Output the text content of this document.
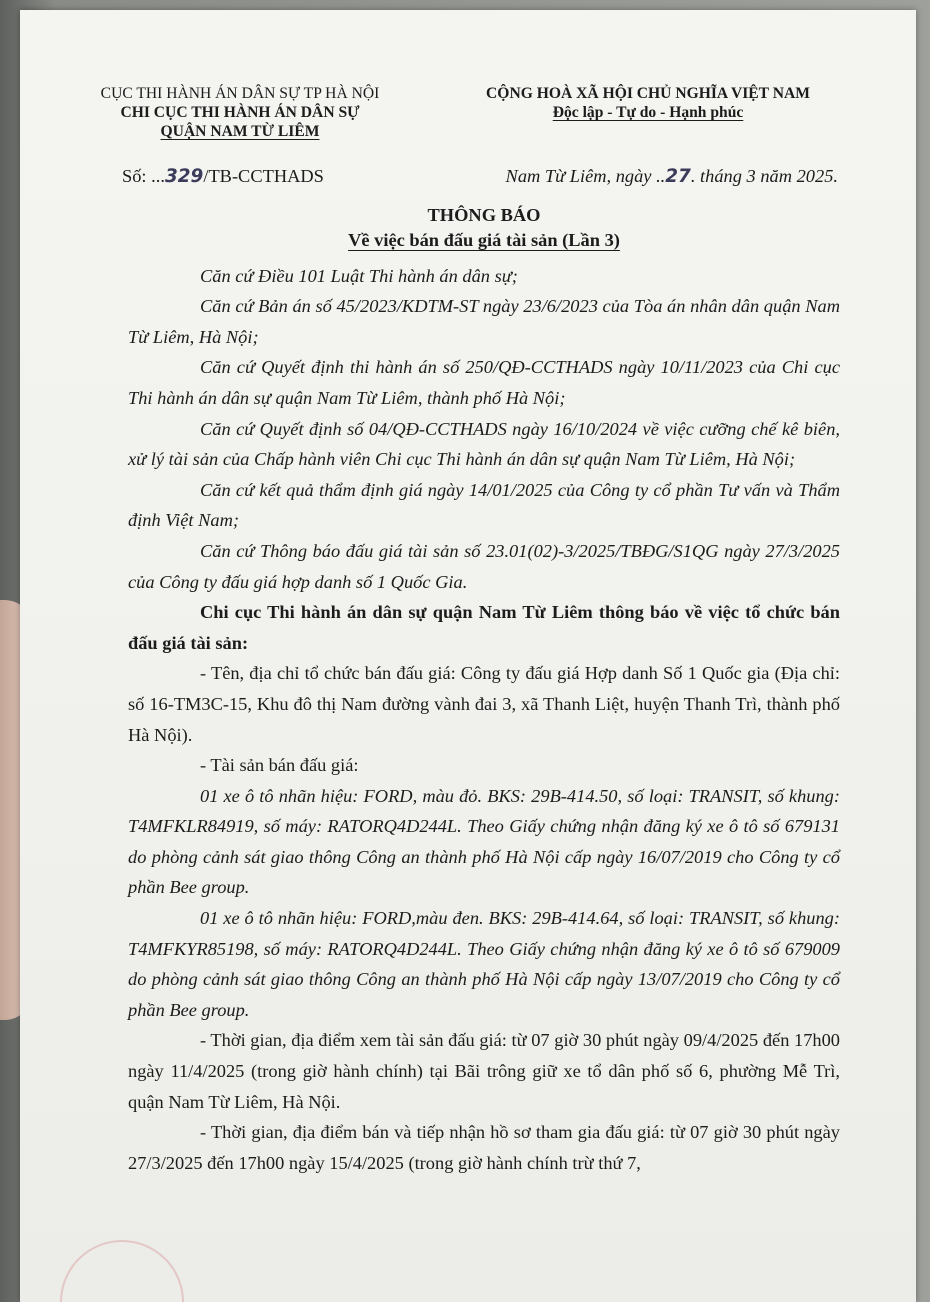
CỤC THI HÀNH ÁN DÂN SỰ TP HÀ NỘI
CHI CỤC THI HÀNH ÁN DÂN SỰ
QUẬN NAM TỪ LIÊM
CỘNG HOÀ XÃ HỘI CHỦ NGHĨA VIỆT NAM
Độc lập - Tự do - Hạnh phúc
Số: ...329/TB-CCTHADS	Nam Từ Liêm, ngày ..27. tháng 3 năm 2025.
THÔNG BÁO
Về việc bán đấu giá tài sản (Lần 3)

Căn cứ Điều 101 Luật Thi hành án dân sự;

Căn cứ Bản án số 45/2023/KDTM-ST ngày 23/6/2023 của Tòa án nhân dân quận Nam Từ Liêm, Hà Nội;

Căn cứ Quyết định thi hành án số 250/QĐ-CCTHADS ngày 10/11/2023 của Chi cục Thi hành án dân sự quận Nam Từ Liêm, thành phố Hà Nội;

Căn cứ Quyết định số 04/QĐ-CCTHADS ngày 16/10/2024 về việc cưỡng chế kê biên, xử lý tài sản của Chấp hành viên Chi cục Thi hành án dân sự quận Nam Từ Liêm, Hà Nội;

Căn cứ kết quả thẩm định giá ngày 14/01/2025 của Công ty cổ phần Tư vấn và Thẩm định Việt Nam;

Căn cứ Thông báo đấu giá tài sản số 23.01(02)-3/2025/TBĐG/S1QG ngày 27/3/2025 của Công ty đấu giá hợp danh số 1 Quốc Gia.

Chi cục Thi hành án dân sự quận Nam Từ Liêm thông báo về việc tổ chức bán đấu giá tài sản:

- Tên, địa chỉ tổ chức bán đấu giá: Công ty đấu giá Hợp danh Số 1 Quốc gia (Địa chỉ: số 16-TM3C-15, Khu đô thị Nam đường vành đai 3, xã Thanh Liệt, huyện Thanh Trì, thành phố Hà Nội).

- Tài sản bán đấu giá:

01 xe ô tô nhãn hiệu: FORD, màu đỏ. BKS: 29B-414.50, số loại: TRANSIT, số khung: T4MFKLR84919, số máy: RATORQ4D244L. Theo Giấy chứng nhận đăng ký xe ô tô số 679131 do phòng cảnh sát giao thông Công an thành phố Hà Nội cấp ngày 16/07/2019 cho Công ty cổ phần Bee group.

01 xe ô tô nhãn hiệu: FORD,màu đen. BKS: 29B-414.64, số loại: TRANSIT, số khung: T4MFKYR85198, số máy: RATORQ4D244L. Theo Giấy chứng nhận đăng ký xe ô tô số 679009 do phòng cảnh sát giao thông Công an thành phố Hà Nội cấp ngày 13/07/2019 cho Công ty cổ phần Bee group.

- Thời gian, địa điểm xem tài sản đấu giá: từ 07 giờ 30 phút ngày 09/4/2025 đến 17h00 ngày 11/4/2025 (trong giờ hành chính) tại Bãi trông giữ xe tổ dân phố số 6, phường Mễ Trì, quận Nam Từ Liêm, Hà Nội.

- Thời gian, địa điểm bán và tiếp nhận hồ sơ tham gia đấu giá: từ 07 giờ 30 phút ngày 27/3/2025 đến 17h00 ngày 15/4/2025 (trong giờ hành chính trừ thứ 7,
